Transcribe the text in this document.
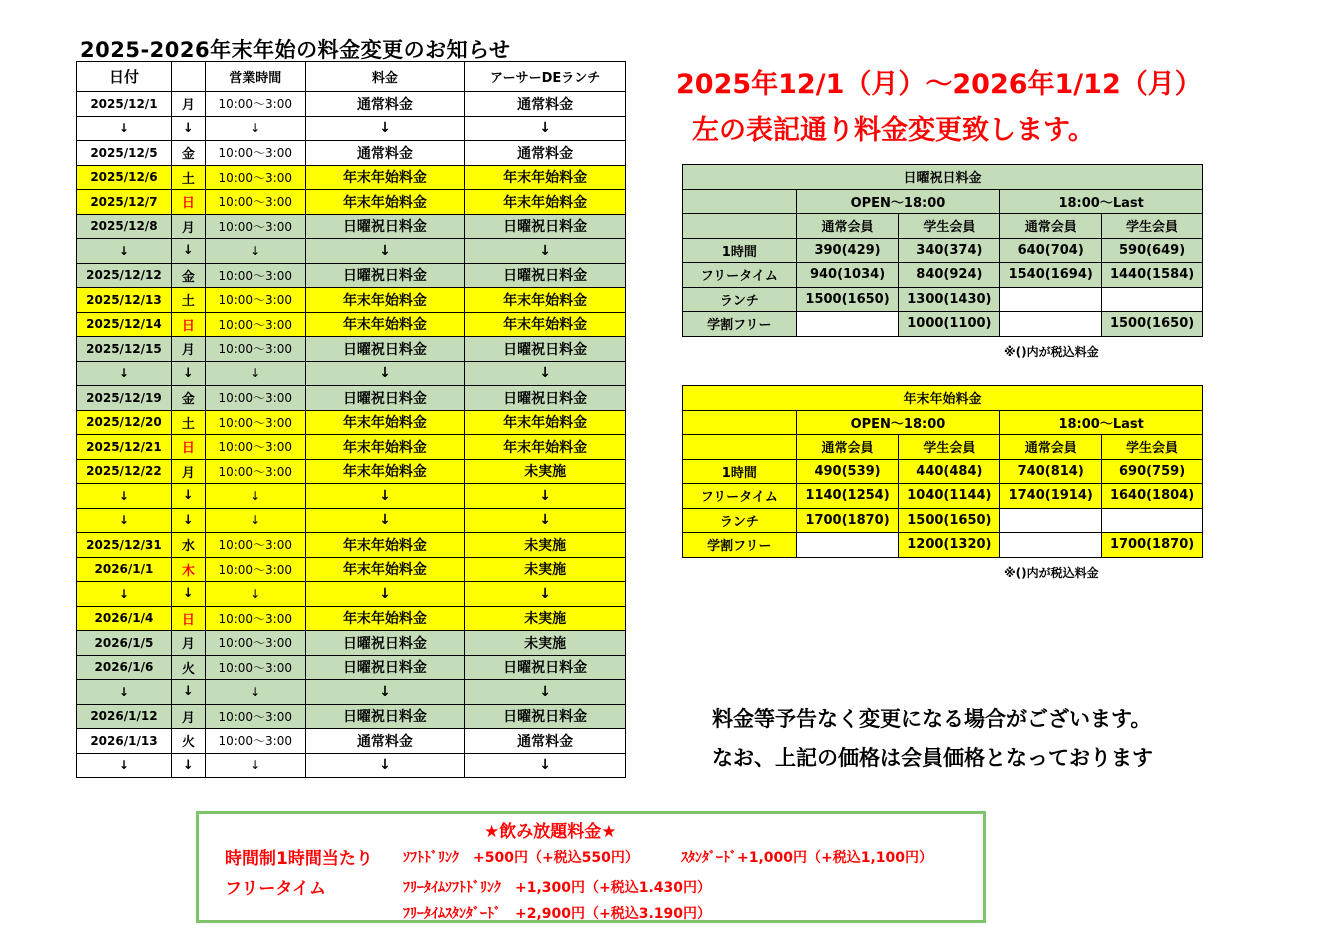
2025-2026年末年始の料金変更のお知らせ
日付		営業時間	料金	アーサーDEランチ
2025/12/1	月	10:00～3:00	通常料金	通常料金
↓	↓	↓	↓	↓
2025/12/5	金	10:00～3:00	通常料金	通常料金
2025/12/6	土	10:00～3:00	年末年始料金	年末年始料金
2025/12/7	日	10:00～3:00	年末年始料金	年末年始料金
2025/12/8	月	10:00～3:00	日曜祝日料金	日曜祝日料金
↓	↓	↓	↓	↓
2025/12/12	金	10:00～3:00	日曜祝日料金	日曜祝日料金
2025/12/13	土	10:00～3:00	年末年始料金	年末年始料金
2025/12/14	日	10:00～3:00	年末年始料金	年末年始料金
2025/12/15	月	10:00～3:00	日曜祝日料金	日曜祝日料金
↓	↓	↓	↓	↓
2025/12/19	金	10:00～3:00	日曜祝日料金	日曜祝日料金
2025/12/20	土	10:00～3:00	年末年始料金	年末年始料金
2025/12/21	日	10:00～3:00	年末年始料金	年末年始料金
2025/12/22	月	10:00～3:00	年末年始料金	未実施
↓	↓	↓	↓	↓
↓	↓	↓	↓	↓
2025/12/31	水	10:00～3:00	年末年始料金	未実施
2026/1/1	木	10:00～3:00	年末年始料金	未実施
↓	↓	↓	↓	↓
2026/1/4	日	10:00～3:00	年末年始料金	未実施
2026/1/5	月	10:00～3:00	日曜祝日料金	未実施
2026/1/6	火	10:00～3:00	日曜祝日料金	日曜祝日料金
↓	↓	↓	↓	↓
2026/1/12	月	10:00～3:00	日曜祝日料金	日曜祝日料金
2026/1/13	火	10:00～3:00	通常料金	通常料金
↓	↓	↓	↓	↓
2025年12/1（月）～2026年1/12（月）
左の表記通り料金変更致します。
日曜祝日料金				
	OPEN～18:00		18:00～Last	
	通常会員	学生会員	通常会員	学生会員
1時間	390(429)	340(374)	640(704)	590(649)
フリータイム	940(1034)	840(924)	1540(1694)	1440(1584)
ランチ	1500(1650)	1300(1430)		
学割フリー		1000(1100)		1500(1650)
※()内が税込料金
年末年始料金				
	OPEN～18:00		18:00～Last	
	通常会員	学生会員	通常会員	学生会員
1時間	490(539)	440(484)	740(814)	690(759)
フリータイム	1140(1254)	1040(1144)	1740(1914)	1640(1804)
ランチ	1700(1870)	1500(1650)		
学割フリー		1200(1320)		1700(1870)
※()内が税込料金
料金等予告なく変更になる場合がございます。
なお、上記の価格は会員価格となっております
★飲み放題料金★
時間制1時間当たり ｿﾌﾄﾄﾞﾘﾝｸ　+500円（+税込550円）	ｽﾀﾝﾀﾞｰﾄﾞ+1,000円（+税込1,100円）
フリータイム	ﾌﾘｰﾀｲﾑｿﾌﾄﾄﾞﾘﾝｸ　+1,300円（+税込1.430円）
ﾌﾘｰﾀｲﾑｽﾀﾝﾀﾞｰﾄﾞ　+2,900円（+税込3.190円）
